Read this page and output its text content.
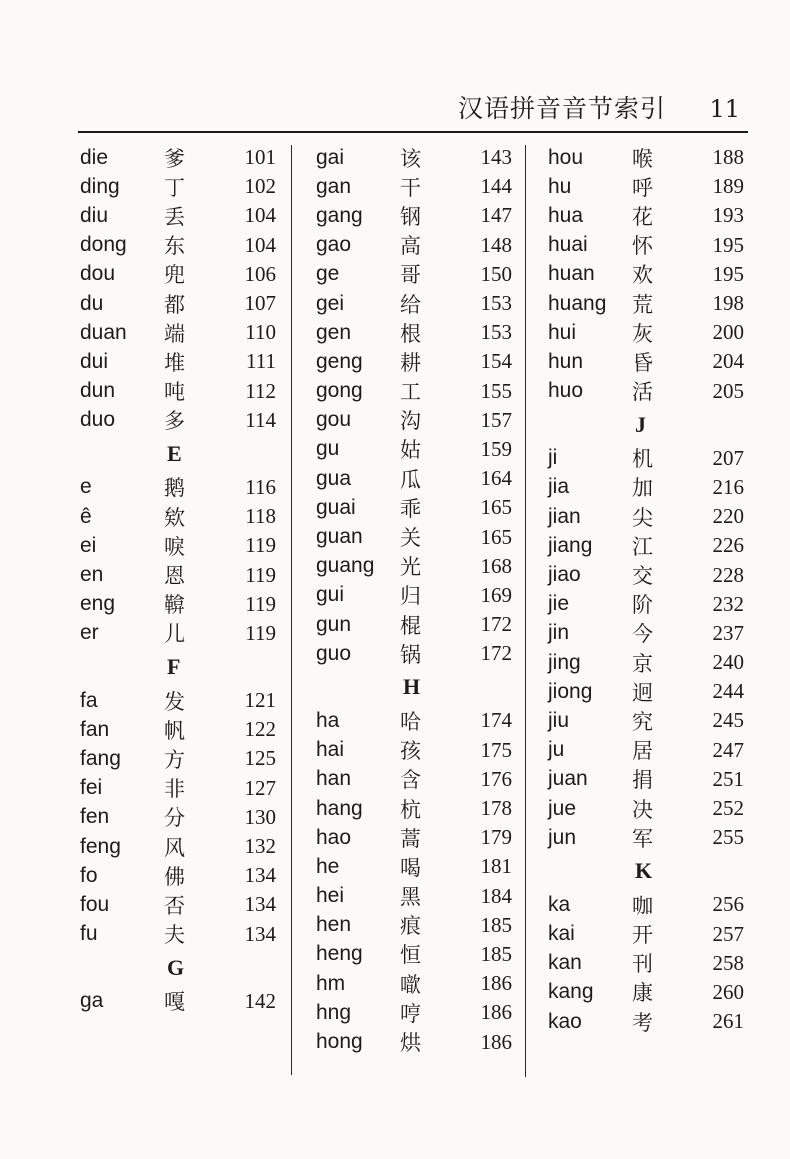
汉语拼音音节索引 11
die	爹	101
ding	丁	102
diu	丢	104
dong	东	104
dou	兜	106
du	都	107
duan	端	110
dui	堆	111
dun	吨	112
duo	多	114
E
e	鹅	116
ê	欸	118
ei	唳	119
en	恩	119
eng	鞥	119
er	儿	119
F
fa	发	121
fan	帆	122
fang	方	125
fei	非	127
fen	分	130
feng	风	132
fo	佛	134
fou	否	134
fu	夫	134
G
ga	嘎	142
gai	该	143
gan	干	144
gang	钢	147
gao	高	148
ge	哥	150
gei	给	153
gen	根	153
geng	耕	154
gong	工	155
gou	沟	157
gu	姑	159
gua	瓜	164
guai	乖	165
guan	关	165
guang	光	168
gui	归	169
gun	棍	172
guo	锅	172
H
ha	哈	174
hai	孩	175
han	含	176
hang	杭	178
hao	蒿	179
he	喝	181
hei	黑	184
hen	痕	185
heng	恒	185
hm	噷	186
hng	哼	186
hong	烘	186
hou	喉	188
hu	呼	189
hua	花	193
huai	怀	195
huan	欢	195
huang	荒	198
hui	灰	200
hun	昏	204
huo	活	205
J
ji	机	207
jia	加	216
jian	尖	220
jiang	江	226
jiao	交	228
jie	阶	232
jin	今	237
jing	京	240
jiong	迥	244
jiu	究	245
ju	居	247
juan	捐	251
jue	决	252
jun	军	255
K
ka	咖	256
kai	开	257
kan	刊	258
kang	康	260
kao	考	261
